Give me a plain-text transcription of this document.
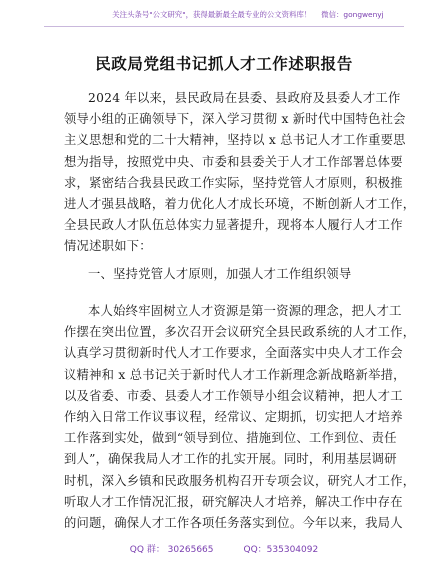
关注头条号"公文研究"，获得最新最全最专业的公文资料库！ 微信：gongwenyj
民政局党组书记抓人才工作述职报告
2024 年以来，县民政局在县委、县政府及县委人才工作
领导小组的正确领导下，深入学习贯彻 x 新时代中国特色社会
主义思想和党的二十大精神，坚持以 x 总书记人才工作重要思
想为指导，按照党中央、市委和县委关于人才工作部署总体要
求，紧密结合我县民政工作实际，坚持党管人才原则，积极推
进人才强县战略，着力优化人才成长环境，不断创新人才工作，
全县民政人才队伍总体实力显著提升，现将本人履行人才工作
情况述职如下：
一、坚持党管人才原则，加强人才工作组织领导
本人始终牢固树立人才资源是第一资源的理念，把人才工
作摆在突出位置，多次召开会议研究全县民政系统的人才工作，
认真学习贯彻新时代人才工作要求，全面落实中央人才工作会
议精神和 x 总书记关于新时代人才工作新理念新战略新举措，
以及省委、市委、县委人才工作领导小组会议精神，把人才工
作纳入日常工作议事议程，经常议、定期抓，切实把人才培养
工作落到实处，做到“领导到位、措施到位、工作到位、责任
到人”，确保我局人才工作的扎实开展。同时，利用基层调研
时机，深入乡镇和民政服务机构召开专项会议，研究人才工作，
听取人才工作情况汇报，研究解决人才培养，解决工作中存在
的问题，确保人才工作各项任务落实到位。今年以来，我局人
QQ 群： 30265665	QQ：535304092
